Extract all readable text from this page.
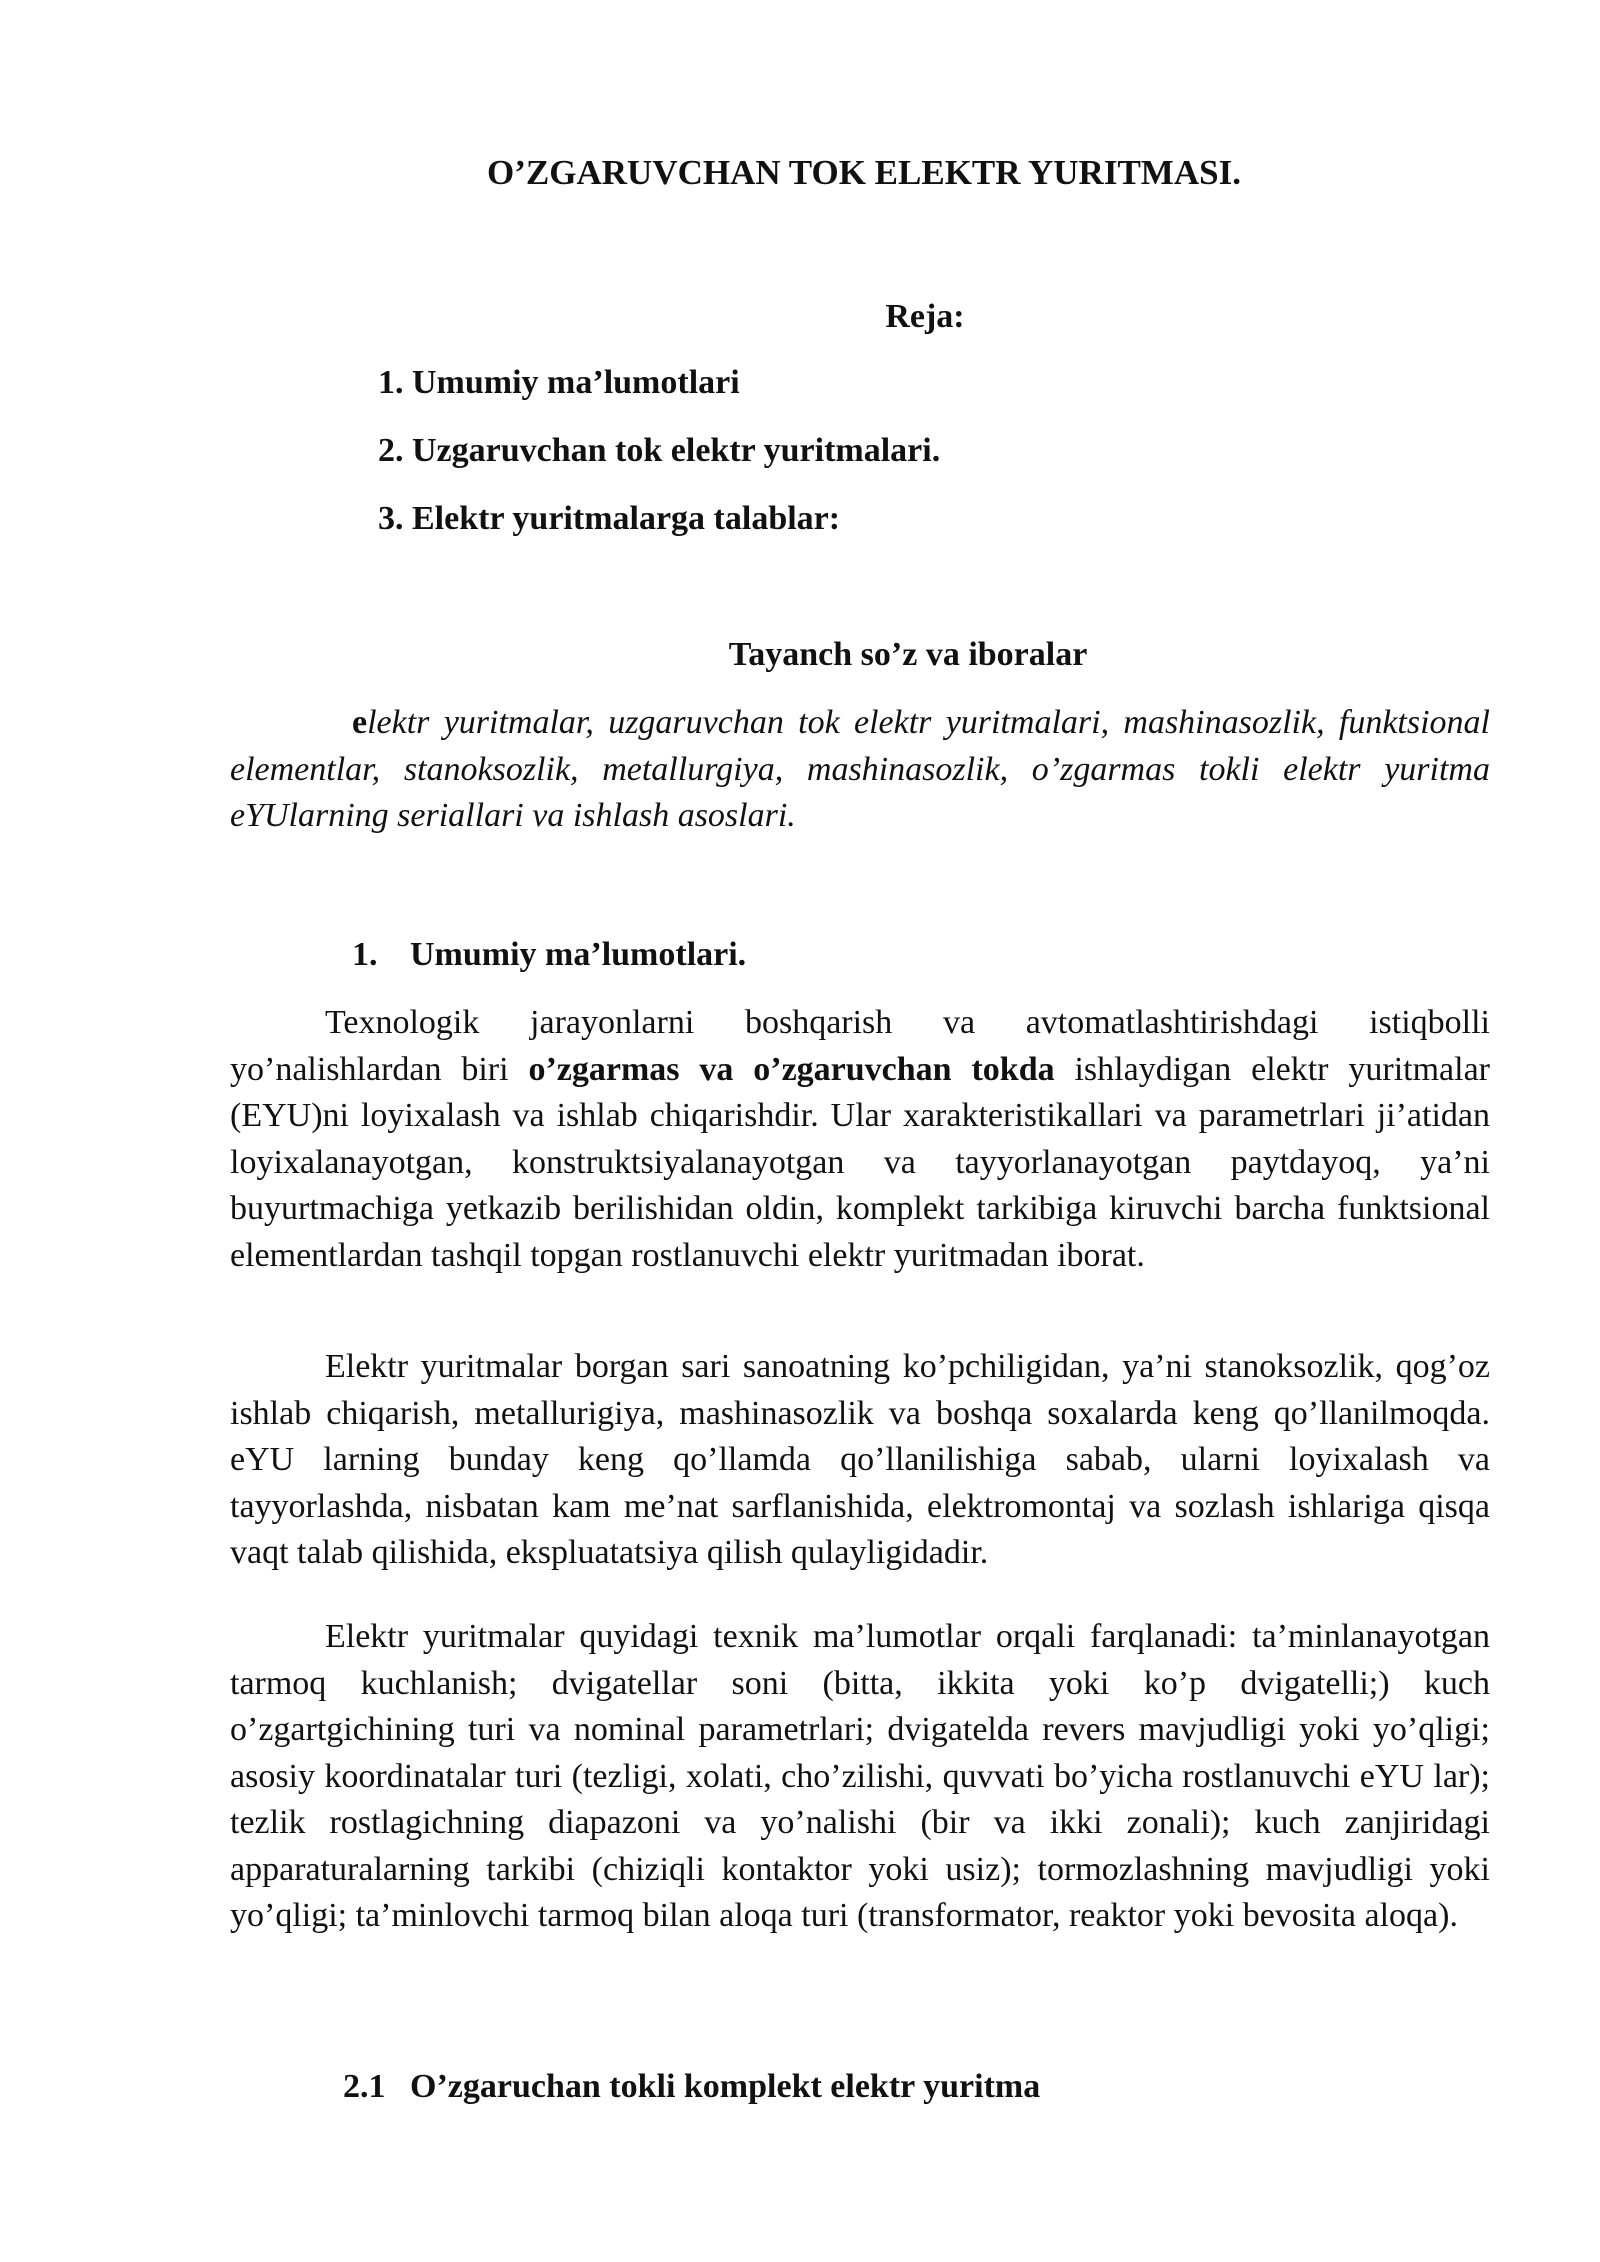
O’ZGARUVCHAN TOK ELEKTR YURITMASI.
Reja:
1. Umumiy ma’lumotlari
2. Uzgaruvchan tok elektr yuritmalari.
3. Elektr yuritmalarga talablar:
Tayanch so’z va iboralar

elektr yuritmalar, uzgaruvchan tok elektr yuritmalari, mashinasozlik, funktsional elementlar, stanoksozlik, metallurgiya, mashinasozlik, o’zgarmas tokli elektr yuritma eYUlarning seriallari va ishlash asoslari.

1. Umumiy ma’lumotlari.

Texnologik jarayonlarni boshqarish va avtomatlashtirishdagi istiqbolli yo’nalishlardan biri o’zgarmas va o’zgaruvchan tokda ishlaydigan elektr yuritmalar (EYU)ni loyixalash va ishlab chiqarishdir. Ular xarakteristikallari va parametrlari ji’atidan loyixalanayotgan, konstruktsiyalanayotgan va tayyorlanayotgan paytdayoq, ya’ni buyurtmachiga yetkazib berilishidan oldin, komplekt tarkibiga kiruvchi barcha funktsional elementlardan tashqil topgan rostlanuvchi elektr yuritmadan iborat.

Elektr yuritmalar borgan sari sanoatning ko’pchiligidan, ya’ni stanoksozlik, qog’oz ishlab chiqarish, metallurigiya, mashinasozlik va boshqa soxalarda keng qo’llanilmoqda. eYU larning bunday keng qo’llamda qo’llanilishiga sabab, ularni loyixalash va tayyorlashda, nisbatan kam me’nat sarflanishida, elektromontaj va sozlash ishlariga qisqa vaqt talab qilishida, ekspluatatsiya qilish qulayligidadir.

Elektr yuritmalar quyidagi texnik ma’lumotlar orqali farqlanadi: ta’minlanayotgan tarmoq kuchlanish; dvigatellar soni (bitta, ikkita yoki ko’p dvigatelli;) kuch o’zgartgichining turi va nominal parametrlari; dvigatelda revers mavjudligi yoki yo’qligi; asosiy koordinatalar turi (tezligi, xolati, cho’zilishi, quvvati bo’yicha rostlanuvchi eYU lar); tezlik rostlagichning diapazoni va yo’nalishi (bir va ikki zonali); kuch zanjiridagi apparaturalarning tarkibi (chiziqli kontaktor yoki usiz); tormozlashning mavjudligi yoki yo’qligi; ta’minlovchi tarmoq bilan aloqa turi (transformator, reaktor yoki bevosita aloqa).

2.1 O’zgaruchan tokli komplekt elektr yuritma
